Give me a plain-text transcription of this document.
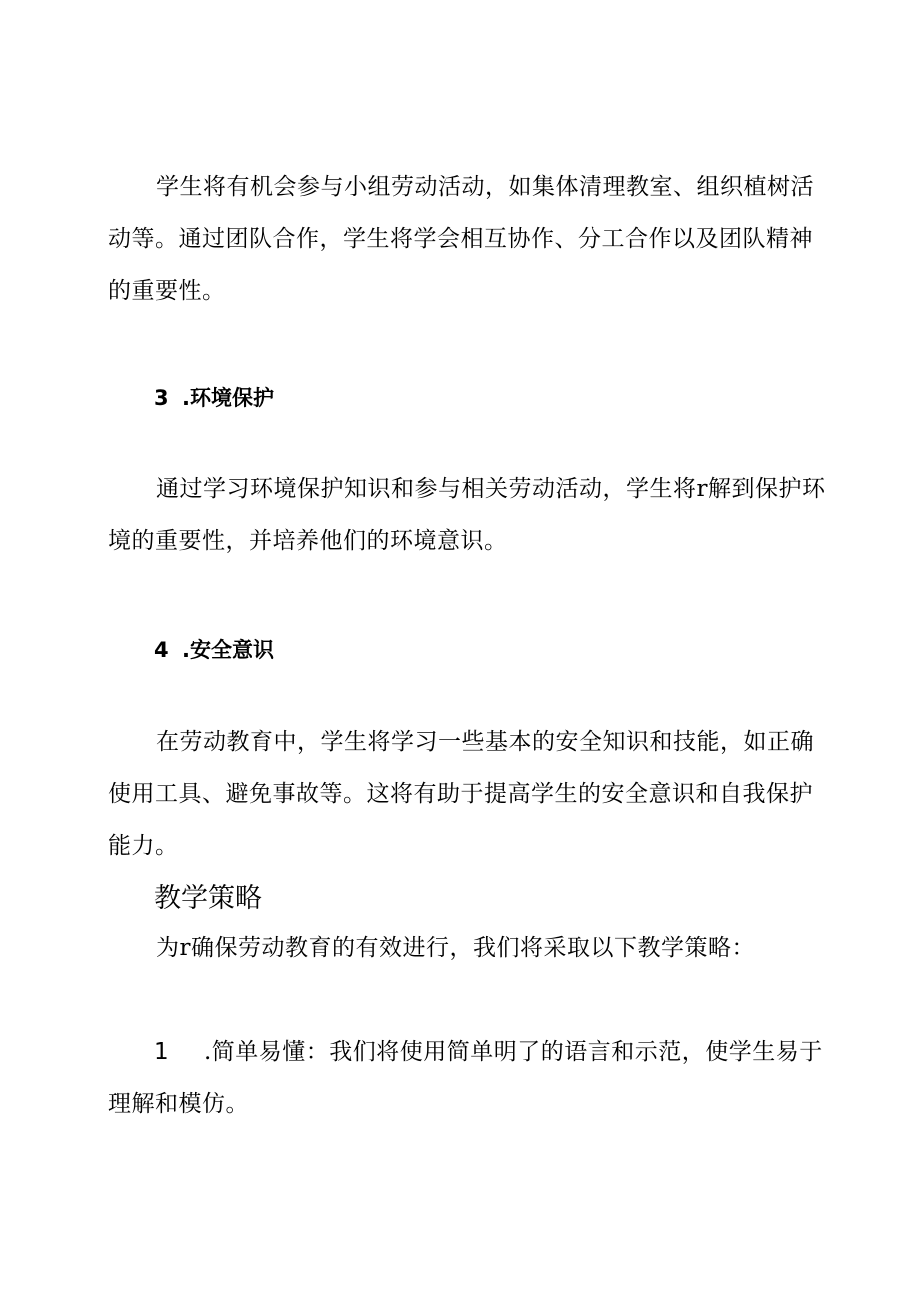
学生将有机会参与小组劳动活动，如集体清理教室、组织植树活动等。通过团队合作，学生将学会相互协作、分工合作以及团队精神的重要性。

3 .环境保护

通过学习环境保护知识和参与相关劳动活动，学生将r解到保护环境的重要性，并培养他们的环境意识。

4 .安全意识

在劳动教育中，学生将学习一些基本的安全知识和技能，如正确使用工具、避免事故等。这将有助于提高学生的安全意识和自我保护能力。

教学策略

为r确保劳动教育的有效进行，我们将采取以下教学策略：

1 .简单易懂：我们将使用简单明了的语言和示范，使学生易于理解和模仿。
